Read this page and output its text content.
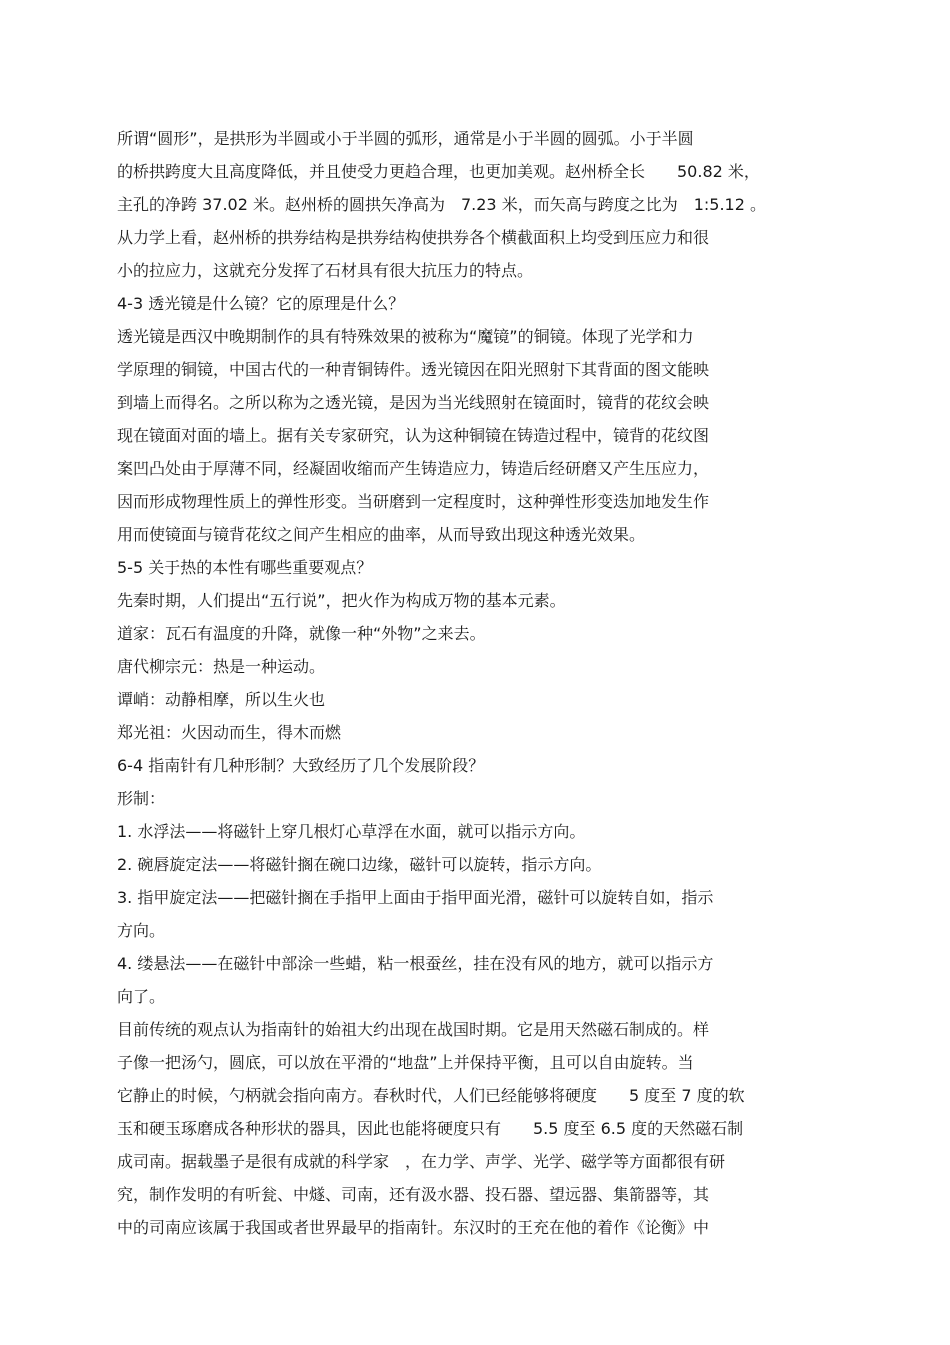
所谓“圆形”，是拱形为半圆或小于半圆的弧形，通常是小于半圆的圆弧。小于半圆
的桥拱跨度大且高度降低，并且使受力更趋合理，也更加美观。赵州桥全长　　50.82 米，
主孔的净跨 37.02 米。赵州桥的圆拱矢净高为　7.23 米，而矢高与跨度之比为　1:5.12 。
从力学上看，赵州桥的拱券结构是拱券结构使拱券各个横截面积上均受到压应力和很
小的拉应力，这就充分发挥了石材具有很大抗压力的特点。
4-3 透光镜是什么镜？它的原理是什么？
透光镜是西汉中晚期制作的具有特殊效果的被称为“魔镜”的铜镜。体现了光学和力
学原理的铜镜，中国古代的一种青铜铸件。透光镜因在阳光照射下其背面的图文能映
到墙上而得名。之所以称为之透光镜，是因为当光线照射在镜面时，镜背的花纹会映
现在镜面对面的墙上。据有关专家研究，认为这种铜镜在铸造过程中，镜背的花纹图
案凹凸处由于厚薄不同，经凝固收缩而产生铸造应力，铸造后经研磨又产生压应力，
因而形成物理性质上的弹性形变。当研磨到一定程度时，这种弹性形变迭加地发生作
用而使镜面与镜背花纹之间产生相应的曲率，从而导致出现这种透光效果。
5-5 关于热的本性有哪些重要观点？
先秦时期，人们提出“五行说”，把火作为构成万物的基本元素。
道家：瓦石有温度的升降，就像一种“外物”之来去。
唐代柳宗元：热是一种运动。
谭峭：动静相摩，所以生火也
郑光祖：火因动而生，得木而燃
6-4 指南针有几种形制？大致经历了几个发展阶段？
形制：
1. 水浮法——将磁针上穿几根灯心草浮在水面，就可以指示方向。
2. 碗唇旋定法——将磁针搁在碗口边缘，磁针可以旋转，指示方向。
3. 指甲旋定法——把磁针搁在手指甲上面由于指甲面光滑，磁针可以旋转自如，指示
方向。
4. 缕悬法——在磁针中部涂一些蜡，粘一根蚕丝，挂在没有风的地方，就可以指示方
向了。
目前传统的观点认为指南针的始祖大约出现在战国时期。它是用天然磁石制成的。样
子像一把汤勺，圆底，可以放在平滑的“地盘”上并保持平衡，且可以自由旋转。当
它静止的时候，勺柄就会指向南方。春秋时代，人们已经能够将硬度　　5 度至 7 度的软
玉和硬玉琢磨成各种形状的器具，因此也能将硬度只有　　5.5 度至 6.5 度的天然磁石制
成司南。据载墨子是很有成就的科学家　，在力学、声学、光学、磁学等方面都很有研
究，制作发明的有听瓮、中燧、司南，还有汲水器、投石器、望远器、集箭器等，其
中的司南应该属于我国或者世界最早的指南针。东汉时的王充在他的着作《论衡》中
